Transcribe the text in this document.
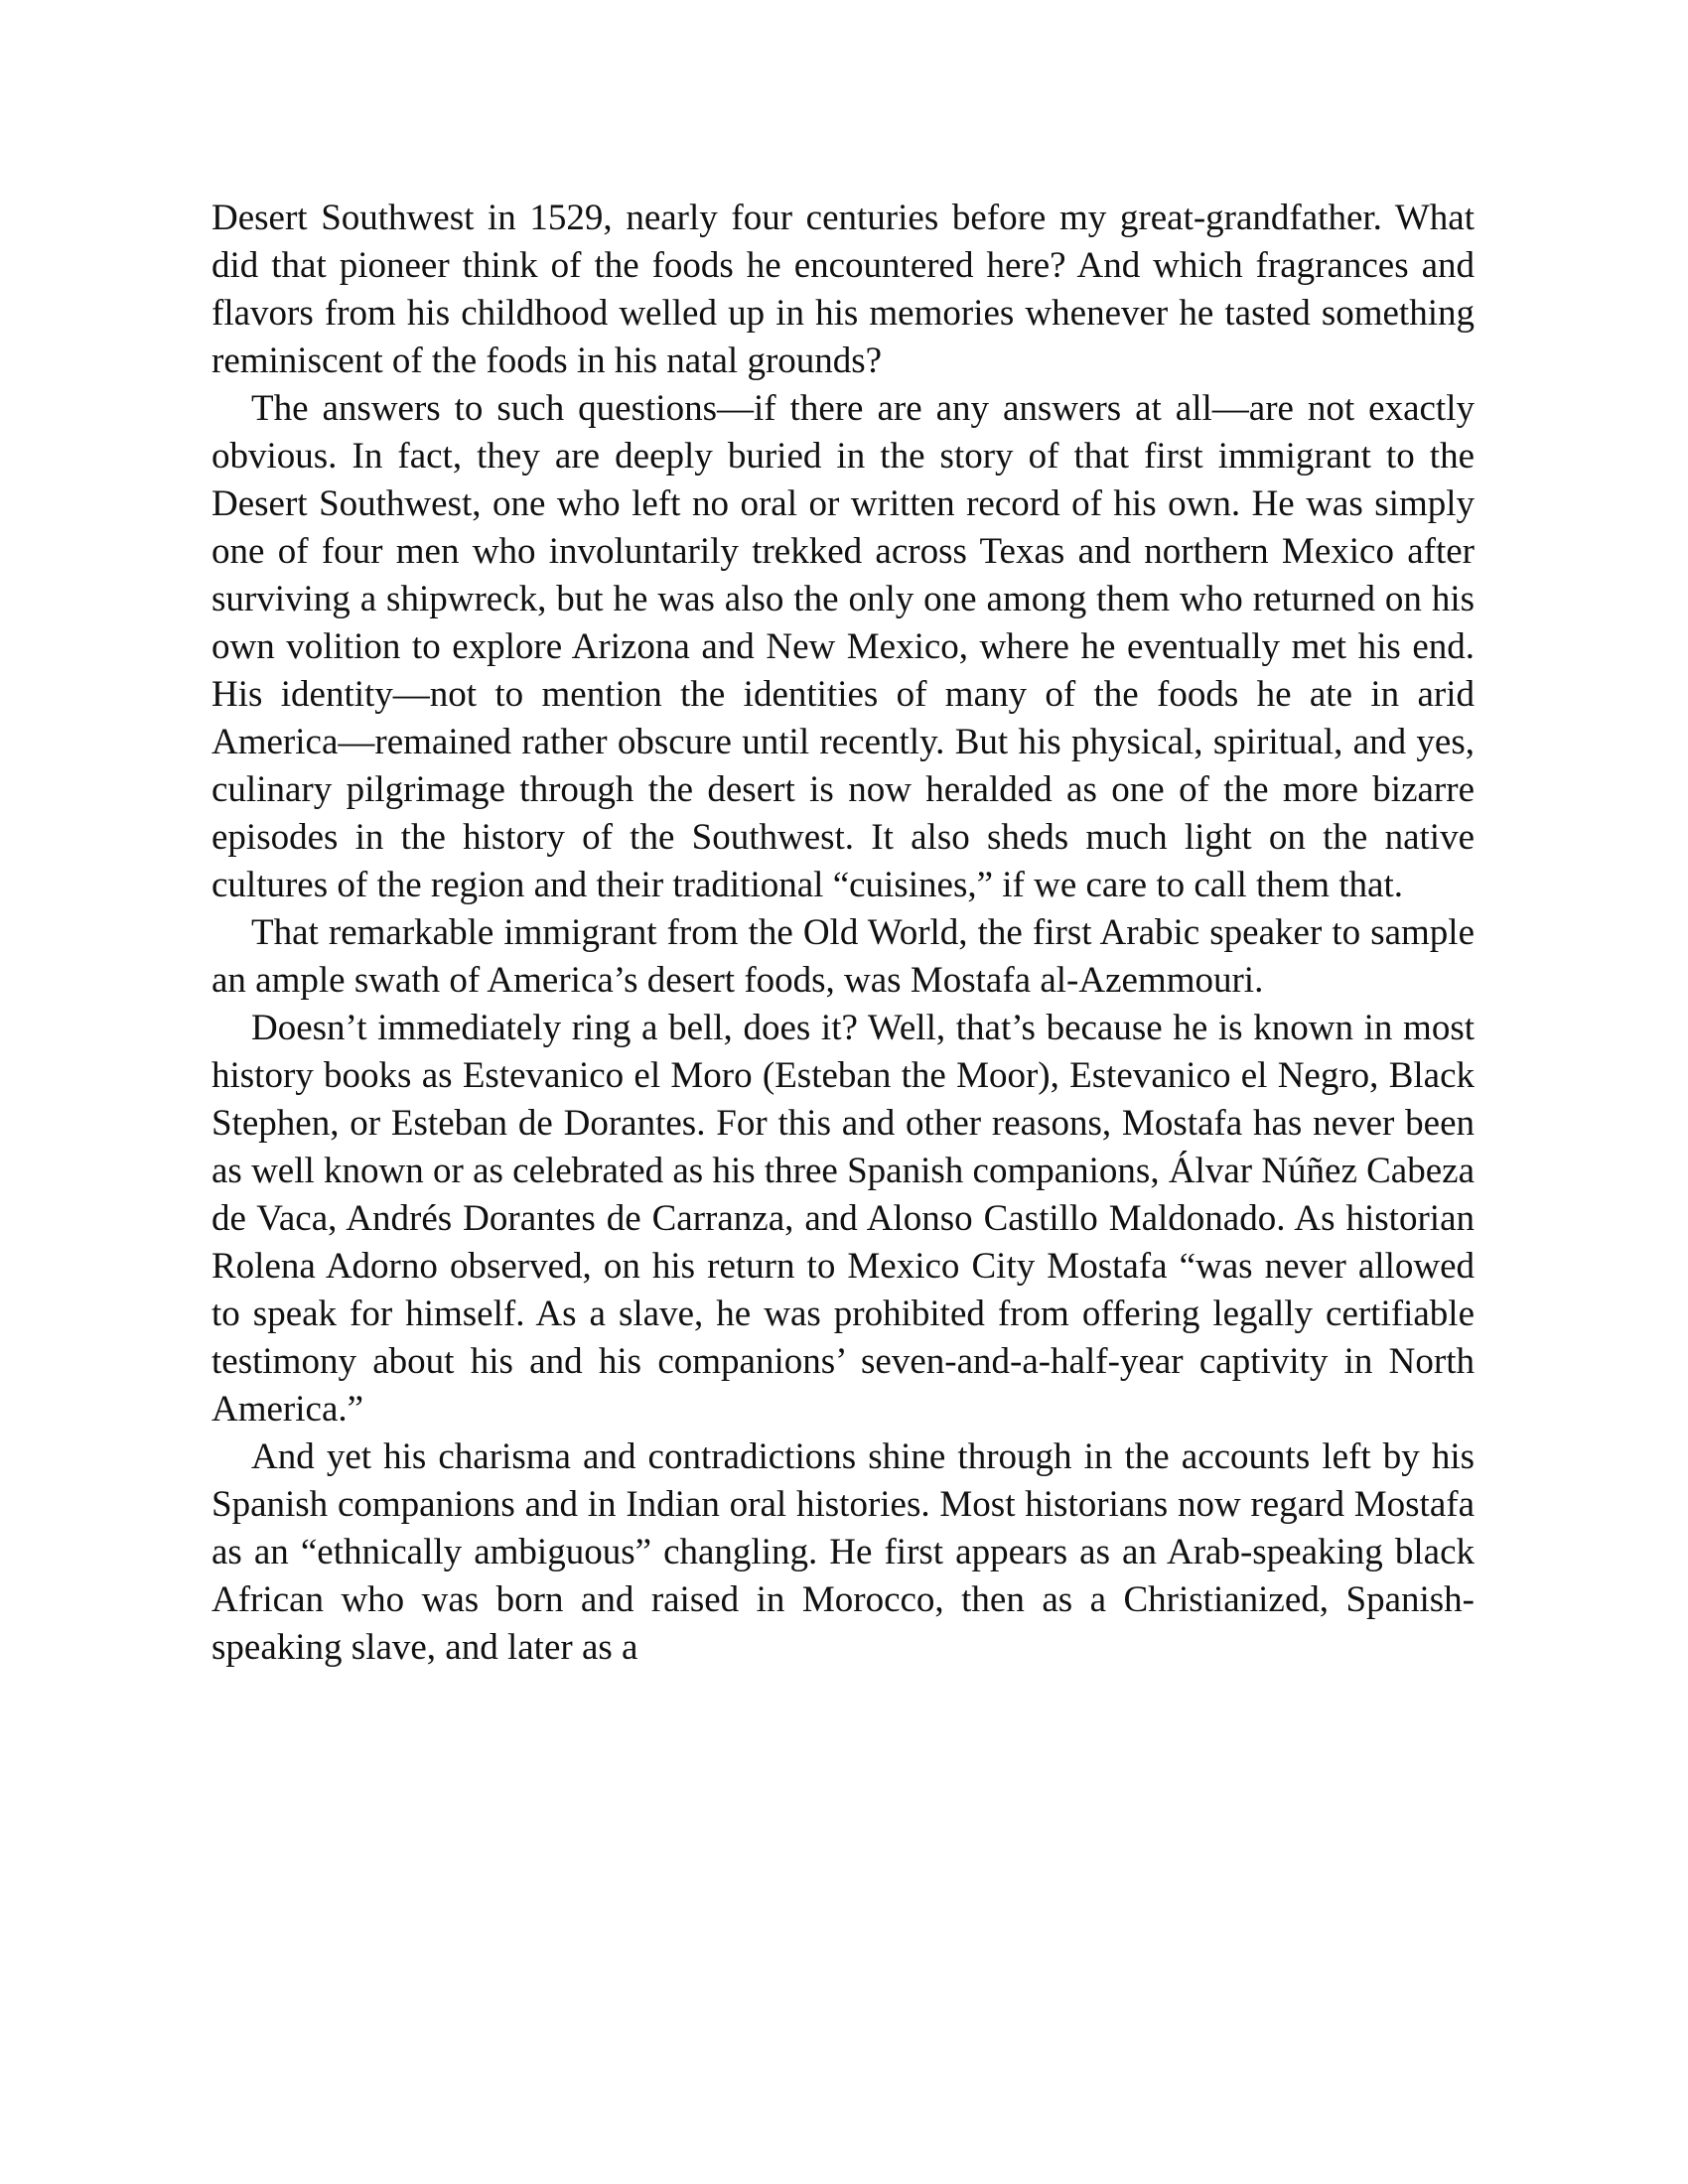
Desert Southwest in 1529, nearly four centuries before my great-grandfather. What did that pioneer think of the foods he encountered here? And which fragrances and flavors from his childhood welled up in his memories whenever he tasted something reminiscent of the foods in his natal grounds?

The answers to such questions—if there are any answers at all—are not exactly obvious. In fact, they are deeply buried in the story of that first immigrant to the Desert Southwest, one who left no oral or written record of his own. He was simply one of four men who involuntarily trekked across Texas and northern Mexico after surviving a shipwreck, but he was also the only one among them who returned on his own volition to explore Arizona and New Mexico, where he eventually met his end. His identity—not to mention the identities of many of the foods he ate in arid America—remained rather obscure until recently. But his physical, spiritual, and yes, culinary pilgrimage through the desert is now heralded as one of the more bizarre episodes in the history of the Southwest. It also sheds much light on the native cultures of the region and their traditional “cuisines,” if we care to call them that.

That remarkable immigrant from the Old World, the first Arabic speaker to sample an ample swath of America’s desert foods, was Mostafa al-Azemmouri.

Doesn’t immediately ring a bell, does it? Well, that’s because he is known in most history books as Estevanico el Moro (Esteban the Moor), Estevanico el Negro, Black Stephen, or Esteban de Dorantes. For this and other reasons, Mostafa has never been as well known or as celebrated as his three Spanish companions, Álvar Núñez Cabeza de Vaca, Andrés Dorantes de Carranza, and Alonso Castillo Maldonado. As historian Rolena Adorno observed, on his return to Mexico City Mostafa “was never allowed to speak for himself. As a slave, he was prohibited from offering legally certifiable testimony about his and his companions’ seven-and-a-half-year captivity in North America.”

And yet his charisma and contradictions shine through in the accounts left by his Spanish companions and in Indian oral histories. Most historians now regard Mostafa as an “ethnically ambiguous” changling. He first appears as an Arab-speaking black African who was born and raised in Morocco, then as a Christianized, Spanish-speaking slave, and later as a
